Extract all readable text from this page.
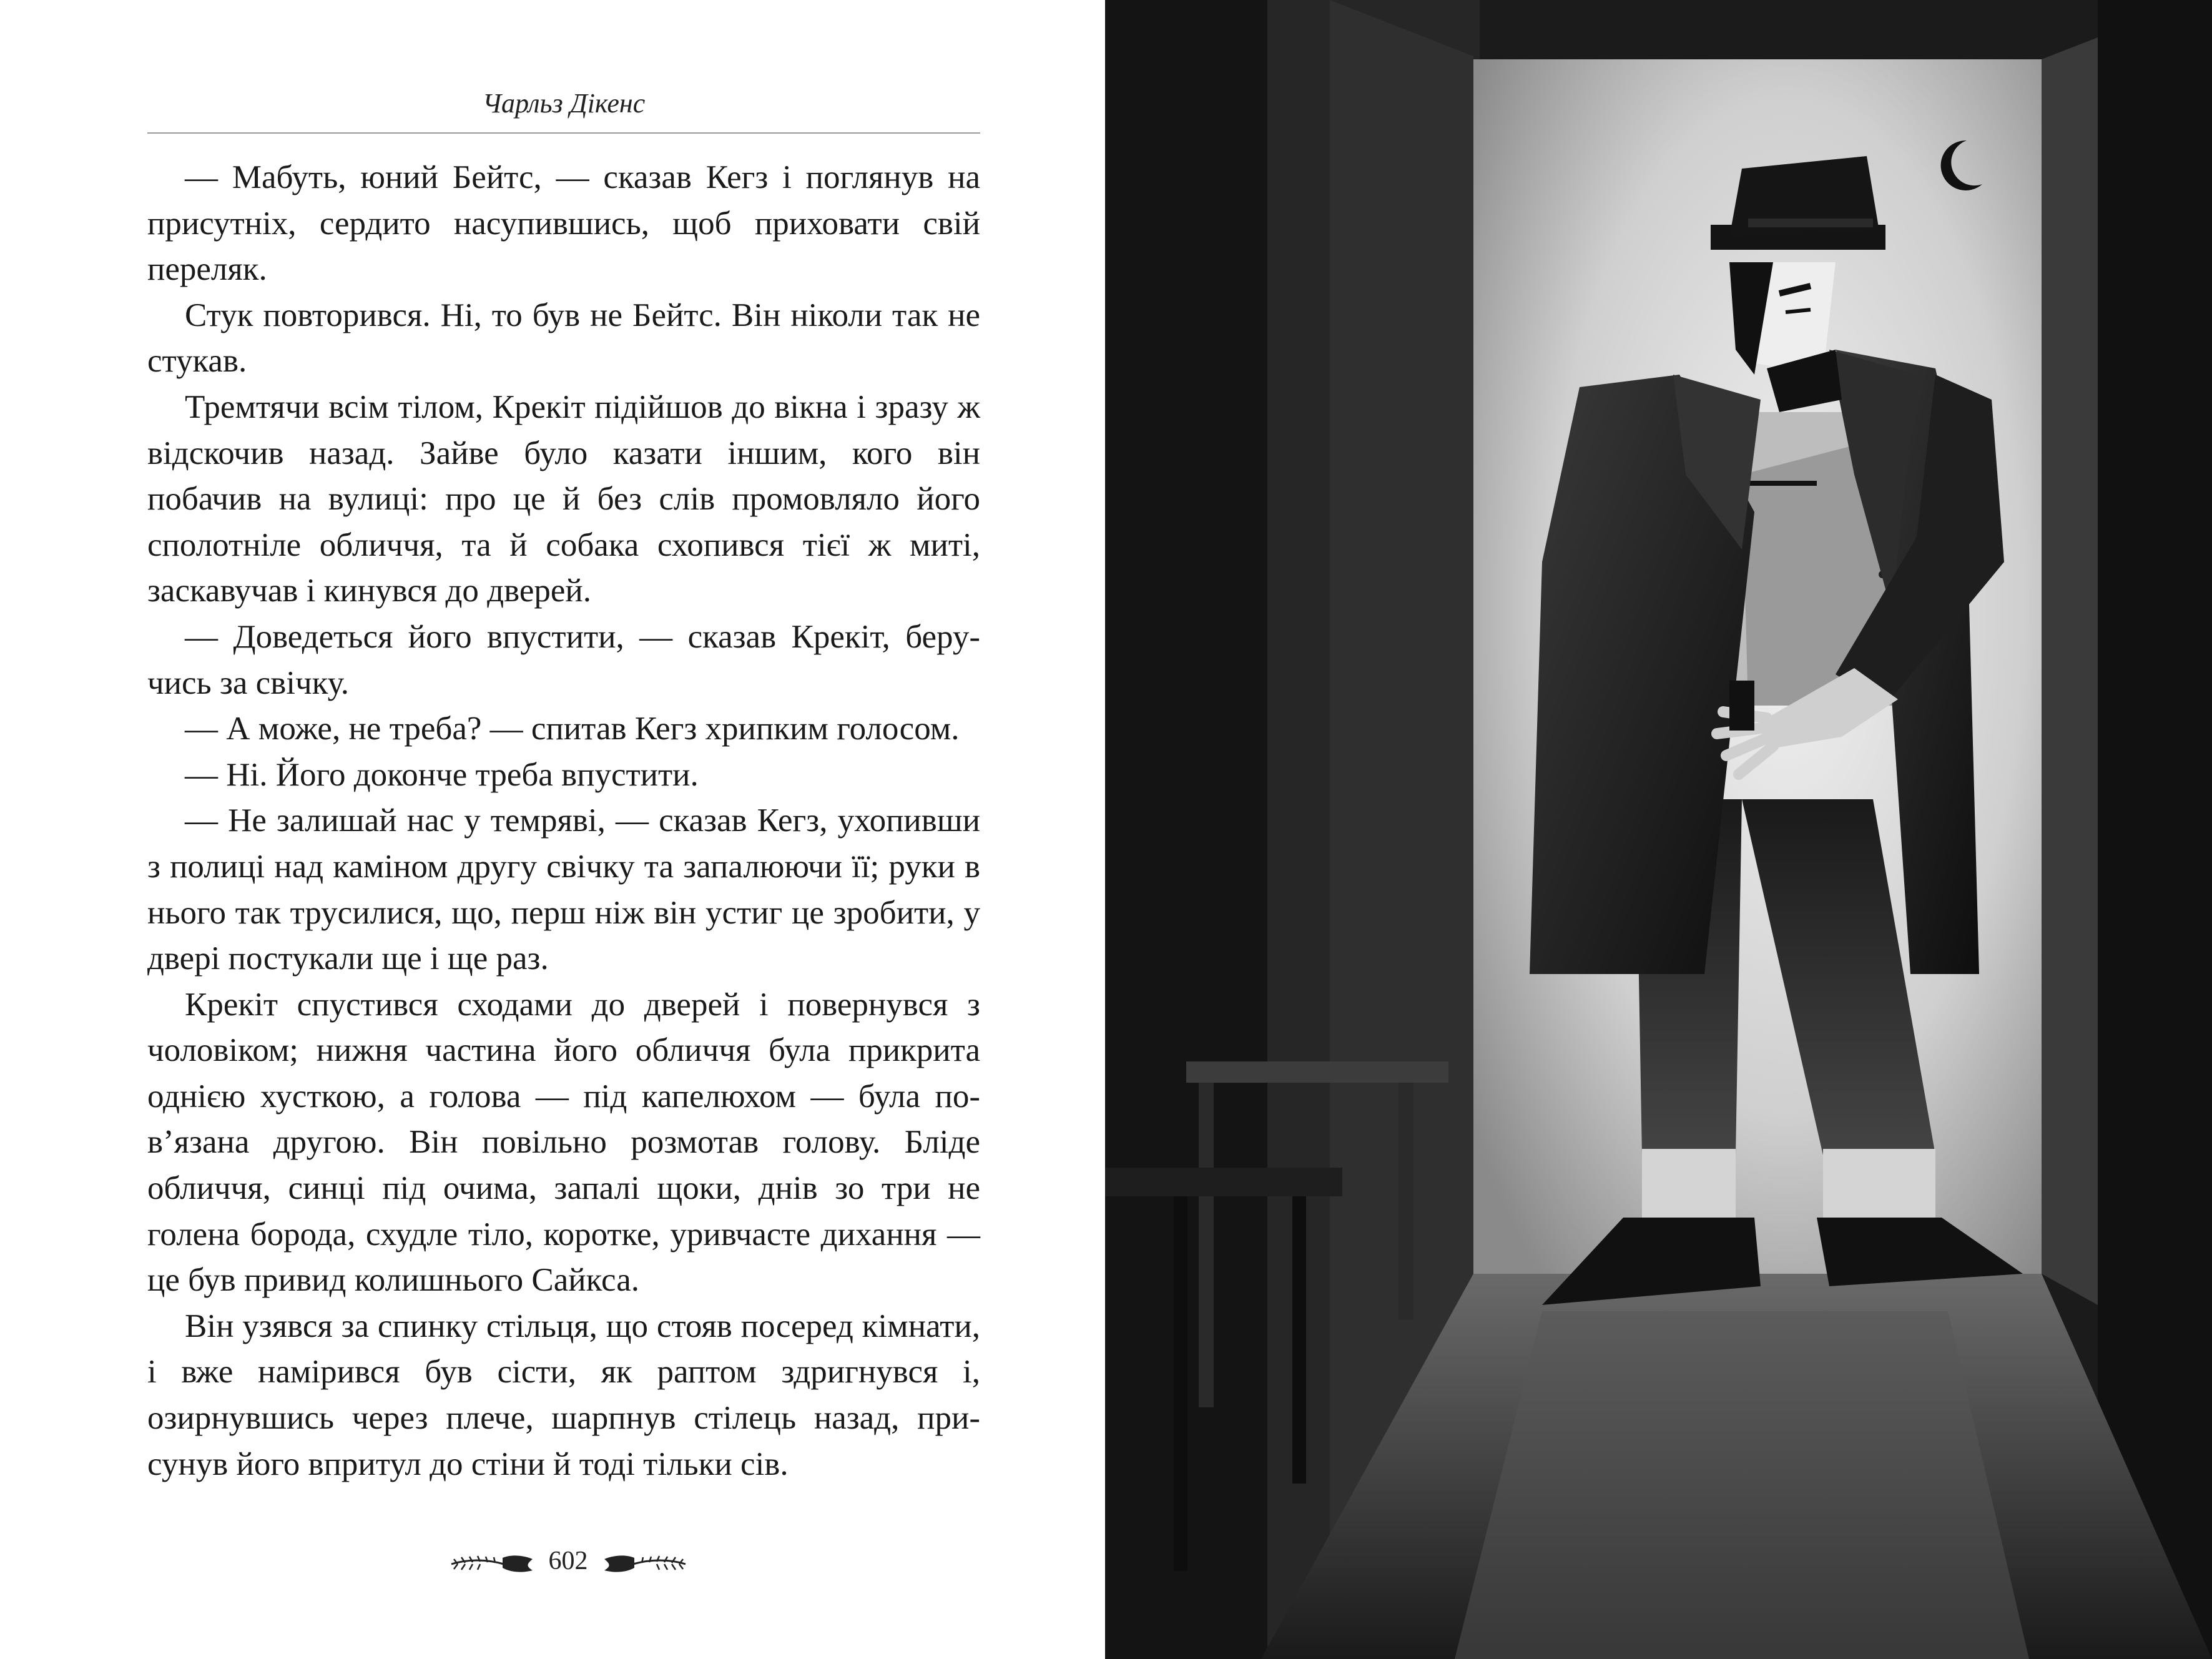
Чарльз Дікенс

— Мабуть, юний Бейтс, — сказав Кегз і поглянув на присутніх, сердито насупившись, щоб приховати свій переляк.

Стук повторився. Ні, то був не Бейтс. Він ніколи так не стукав.

Тремтячи всім тілом, Крекіт підійшов до вікна і зразу ж відскочив назад. Зайве було казати іншим, кого він побачив на вулиці: про це й без слів промовляло його сполотніле обличчя, та й собака схопився тієї ж миті, заскавучав і кинувся до дверей.

— Доведеться його впустити, — сказав Крекіт, беручись за свічку.

— А може, не треба? — спитав Кегз хрипким голосом.

— Ні. Його доконче треба впустити.

— Не залишай нас у темряві, — сказав Кегз, ухопивши з полиці над каміном другу свічку та запалюючи її; руки в нього так трусилися, що, перш ніж він устиг це зробити, у двері постукали ще і ще раз.

Крекіт спустився сходами до дверей і повернувся з чоловіком; нижня частина його обличчя була прикрита однією хусткою, а голова — під капелюхом — була пов’язана другою. Він повільно розмотав голову. Бліде обличчя, синці під очима, запалі щоки, днів зо три не голена борода, схудле тіло, коротке, уривчасте дихання — це був привид колишнього Сайкса.

Він узявся за спинку стільця, що стояв посеред кімнати, і вже намірився був сісти, як раптом здригнувся і, озирнувшись через плече, шарпнув стілець назад, присунув його впритул до стіни й тоді тільки сів.

602
